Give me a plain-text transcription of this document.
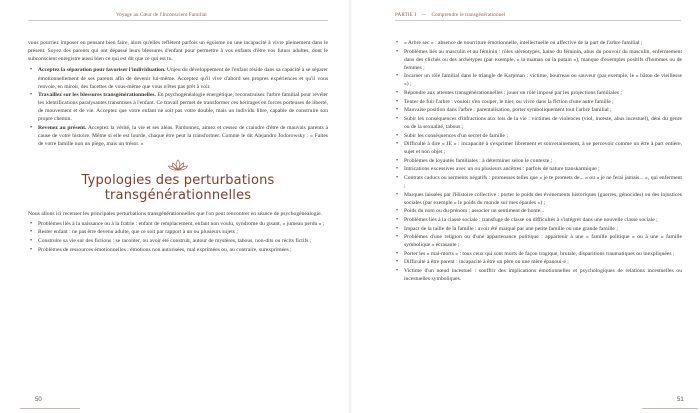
Voyage au Cœur de l'Inconscient Familial

vous pourriez imposer en pensant bien faire, alors qu'elles reflètent parfois un égoïsme ou une incapacité à vivre pleinement dans le présent. Soyez des parents qui ont dépassé leurs blessures d'enfant pour permettre à vos enfants d'être vos futurs adultes, dont le subconscient enregistre aussi bien ce qui est dit que ce qui est tu.

• Acceptez la séparation pour favoriser l'individuation. Unjeu du développement de l'enfant réside dans sa capacité à se séparer émotionnellement de ses parents afin de devenir lui-même. Acceptez qu'il vive d'abord ses propres expériences et qu'il vous renvoie, en miroir, des facettes de vous-même que vous n'êtes pas prêt à voir.
• Travaillez sur les blessures transgénérationnelles. En psychogénéalogie énergétique, reconstruisez l'arbre familial pour révéler les identifications paralysantes transmises à l'enfant. Ce travail permet de transformer ces héritages en forces porteuses de liberté, de mouvement et de vie. Acceptez que votre enfant ne soit pas votre double, mais un individu libre, capable de construire son propre chemin.
• Revenez au présent. Acceptez la vérité, la vie et ses aléas. Pardonnez, aimez et cessez de craindre d'être de mauvais parents à cause de votre histoire. Même si elle est lourde, chaque être peut la transformer. Comme le dit Alejandro Jodorowsky : « Faites de votre famille non un piège, mais un trésor. »
Typologies des perturbations transgénérationnelles

Nous allons ici recenser les principales perturbations transgénérationnelles que l'on peut rencontrer en séance de psychogénéalogie.

• Problèmes liés à la naissance ou à la fratrie : enfant de remplacement, enfant non voulu, syndrome du gisant, « jumeau perdu » ;
• Rester enfant : ne pas être devenu adulte, que ce soit par rapport à un ou plusieurs sujets ;
• Construire sa vie sur des fictions : se raconter, ou avoir été construit, autour de mystères, tabous, non-dits ou récits fictifs ;
• Problèmes de ressources émotionnelles : émotions non autorisées, mal exprimées ou, au contraire, surexprimées ;
50
PARTIE I — Comprendre le transgénérationnel
• « Arbre sec » : absence de nourriture émotionnelle, intellectuelle ou affective de la part de l'arbre familial ;
• Problèmes liés au masculin et au féminin : rôles stéréotypés, haine du féminin, abus du pouvoir du masculin, enfermement dans des clichés ou des archétypes (par exemple, « la maman ou la putain »), manque d'exemples positifs d'hommes ou de femmes ;
• Incarner un rôle familial dans le triangle de Karpman : victime, bourreau ou sauveur (par exemple, le « bâton de vieillesse ») ;
• Répondre aux attentes transgénérationnelles : jouer un rôle imposé par les projections familiales ;
• Tenter de fuir l'arbre : vouloir s'en couper, le nier, ou vivre dans la fiction d'une autre famille ;
• Mauvaise position dans l'arbre : parentalisation, porter symboliquement tout l'arbre familial ;
• Subir les conséquences d'infractions aux lois de la vie : victimes de violences (viol, inceste, abus incestuel), déni du genre ou de la sexualité, tabous ;
• Subir les conséquences d'un secret de famille ;
• Difficulté à dire « JE » : incapacité à s'exprimer librement et souverainement, à se percevoir comme un être à part entière, sujet et non objet ;
• Problèmes de loyautés familiales : à déterminer selon le contexte ;
• Intrications excessives avec un ou plusieurs ancêtres : parfois de nature transkarmique ;
• Contrats caducs ou serments négatifs : promesses telles que « je te promets de... » ou « je ne ferai jamais... », qui enferment ;
• Marques laissées par l'Histoire collective : porter le poids des événements historiques (guerres, génocides) ou des injustices sociales (par exemple « le poids du monde sur mes épaules ») ;
• Poids du nom ou du prénom : associer un sentiment de honte...
• Problèmes liés à la classe sociale : transfuge de classe ou difficultés à s'intégrer dans une nouvelle classe sociale ;
• Impact de la taille de la famille : avoir été marqué par une petite famille ou une grande famille ;
• Problèmes d'une religion ou d'une appartenance politique : appartenir à une « famille politique » ou à une « famille symbolique » écrasante ;
• Porter les « mal-morts » : tous ceux qui sont morts de façon tragique, brutale, disparitions traumatiques ou inexpliquées ;
• Difficulté à être parent : incapacité à être un père ou une mère épanoui·e ;
• Victime d'un nœud incestuel : souffrir des implications émotionnelles et psychologiques de relations incestuelles ou incestuelles symboliques.
51
